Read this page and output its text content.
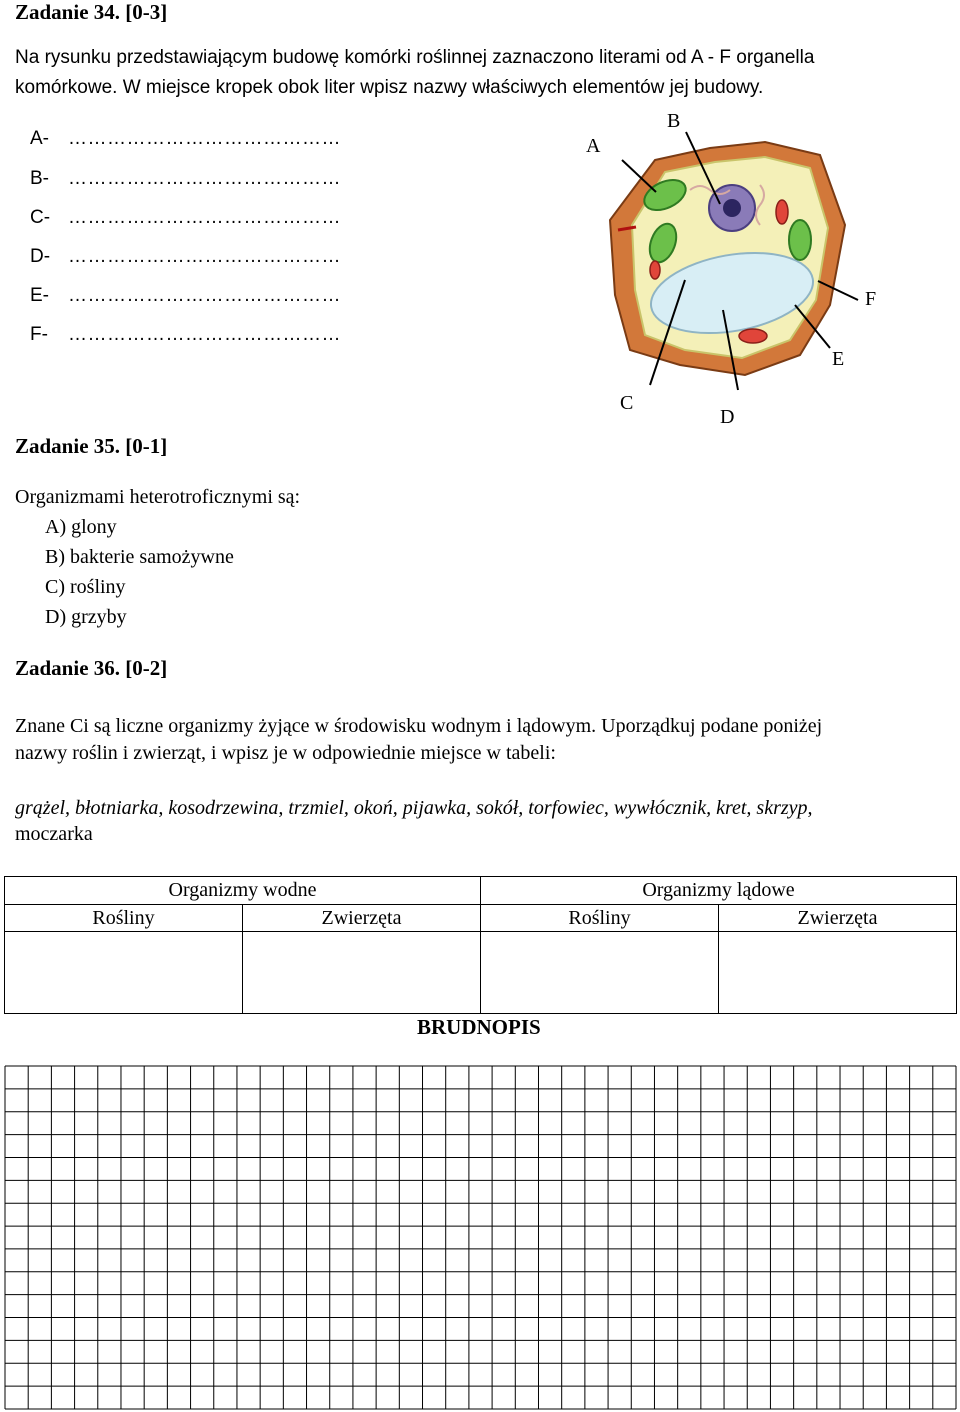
Zadanie 34. [0-3]
Na rysunku przedstawiającym budowę komórki roślinnej zaznaczono literami od A - F organella
komórkowe. W miejsce kropek obok liter wpisz nazwy właściwych elementów jej budowy.
A- ……………………………………
B- ……………………………………
C- ……………………………………
D- ……………………………………
E- ……………………………………
F- ……………………………………
A
B
C
D
E
F
Zadanie 35. [0-1]
Organizmami heterotroficznymi są:
A) glony
B) bakterie samożywne
C) rośliny
D) grzyby
Zadanie 36. [0-2]
Znane Ci są liczne organizmy żyjące w środowisku wodnym i lądowym. Uporządkuj podane poniżej
nazwy roślin i zwierząt, i wpisz je w odpowiednie miejsce w tabeli:
grążel, błotniarka, kosodrzewina, trzmiel, okoń, pijawka, sokół, torfowiec, wywłócznik, kret, skrzyp,
moczarka
Organizmy wodne		Organizmy lądowe	
Rośliny	Zwierzęta	Rośliny	Zwierzęta

BRUDNOPIS
